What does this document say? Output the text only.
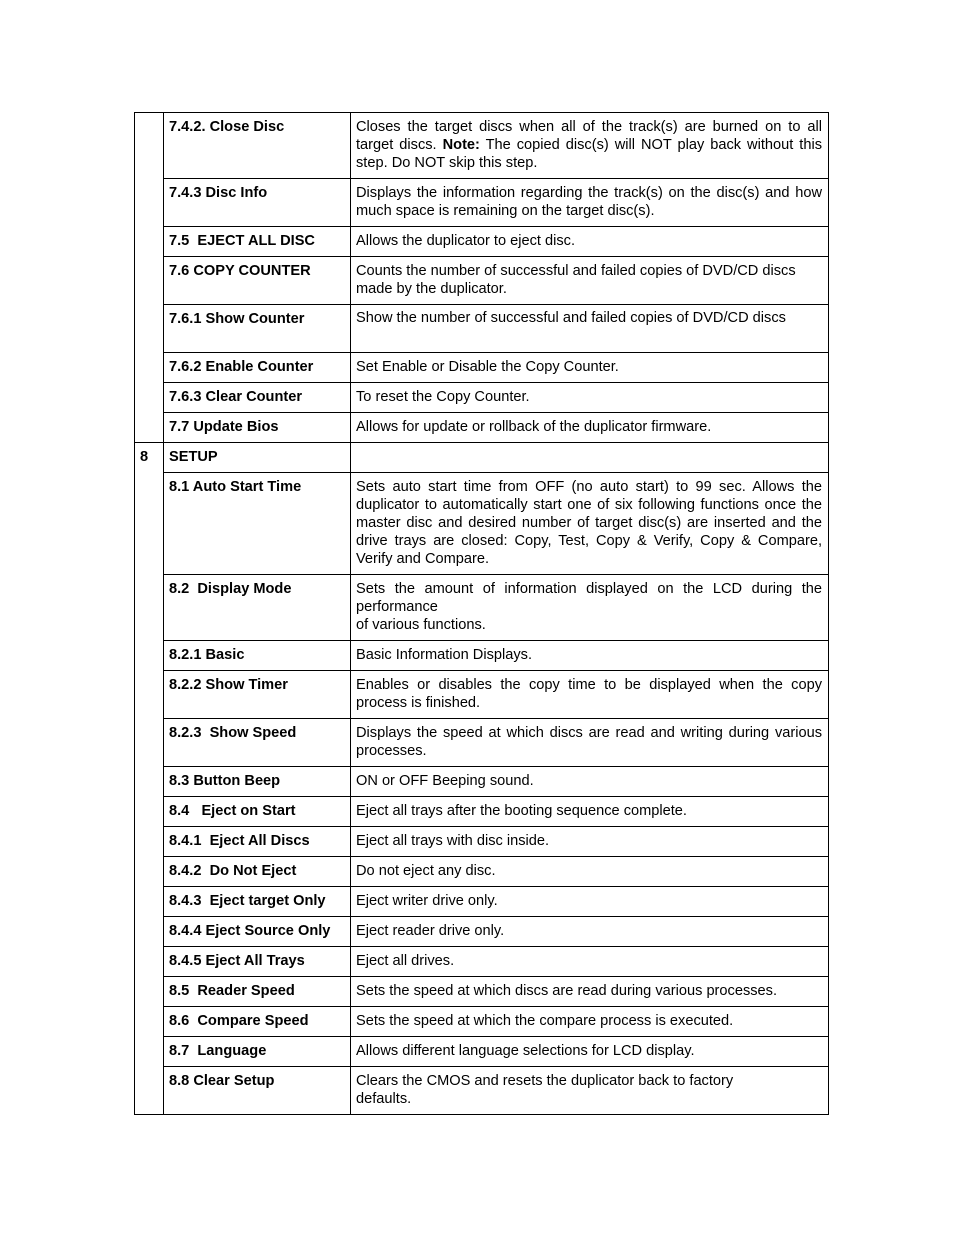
	7.4.2. Close Disc	Closes the target discs when all of the track(s) are burned on to all target discs. Note: The copied disc(s) will NOT play back without this step. Do NOT skip this step.
	7.4.3 Disc Info	Displays the information regarding the track(s) on the disc(s) and how much space is remaining on the target disc(s).
	7.5  EJECT ALL DISC	Allows the duplicator to eject disc.
	7.6 COPY COUNTER	Counts the number of successful and failed copies of DVD/CD discs made by the duplicator.
	7.6.1 Show Counter	Show the number of successful and failed copies of DVD/CD discs
	7.6.2 Enable Counter	Set Enable or Disable the Copy Counter.
	7.6.3 Clear Counter	To reset the Copy Counter.
	7.7 Update Bios	Allows for update or rollback of the duplicator firmware.
8	SETUP	
	8.1 Auto Start Time	Sets auto start time from OFF (no auto start) to 99 sec. Allows the duplicator to automatically start one of six following functions once the master disc and desired number of target disc(s) are inserted and the drive trays are closed: Copy, Test, Copy & Verify, Copy & Compare, Verify and Compare.
	8.2  Display Mode	Sets the amount of information displayed on the LCD during the performance
of various functions.

	8.2.1 Basic	Basic Information Displays.
	8.2.2 Show Timer	Enables or disables the copy time to be displayed when the copy process is finished.
	8.2.3  Show Speed	Displays the speed at which discs are read and writing during various processes.
	8.3 Button Beep	ON or OFF Beeping sound.
	8.4   Eject on Start	Eject all trays after the booting sequence complete.
	8.4.1  Eject All Discs	Eject all trays with disc inside.
	8.4.2  Do Not Eject	Do not eject any disc.
	8.4.3  Eject target Only	Eject writer drive only.
	8.4.4 Eject Source Only	Eject reader drive only.
	8.4.5 Eject All Trays	Eject all drives.
	8.5  Reader Speed	Sets the speed at which discs are read during various processes.
	8.6  Compare Speed	Sets the speed at which the compare process is executed.
	8.7  Language	Allows different language selections for LCD display.
	8.8 Clear Setup	Clears the CMOS and resets the duplicator back to factory defaults.
